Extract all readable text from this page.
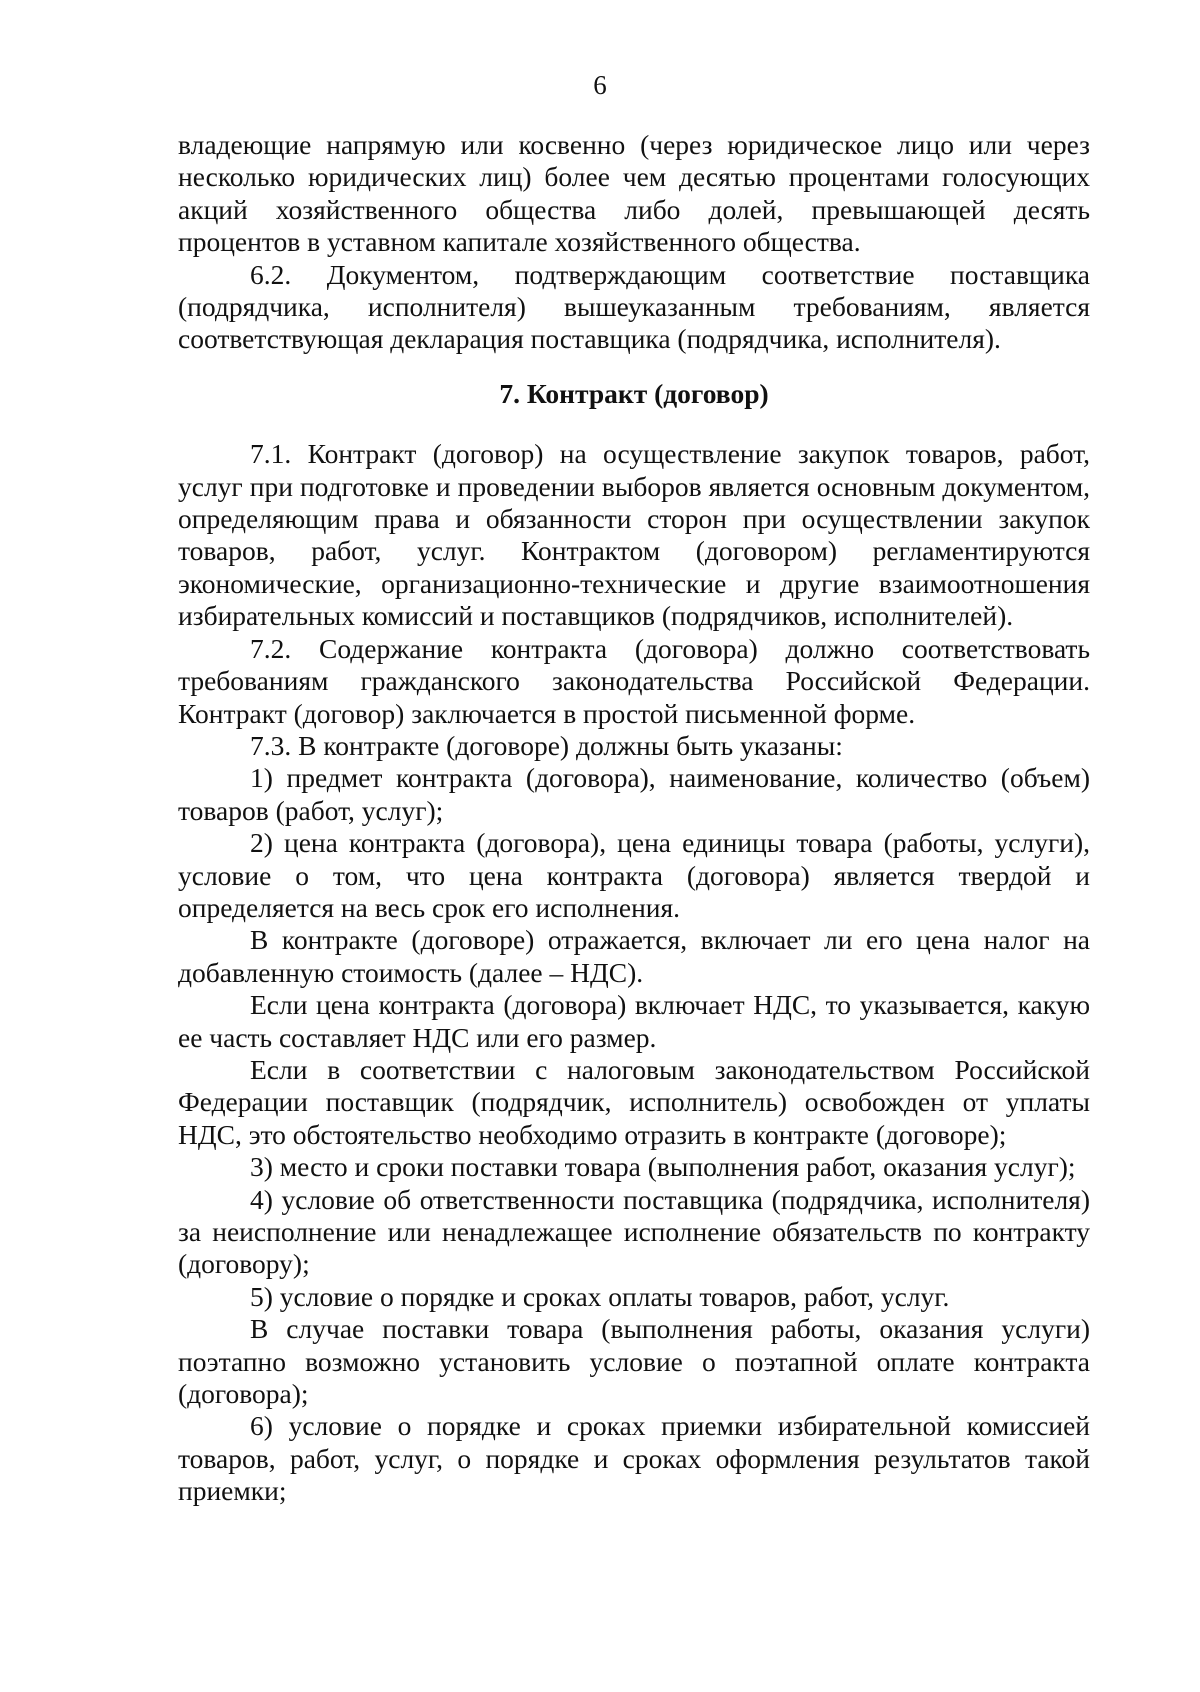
6

владеющие напрямую или косвенно (через юридическое лицо или через несколько юридических лиц) более чем десятью процентами голосующих акций хозяйственного общества либо долей, превышающей десять процентов в уставном капитале хозяйственного общества.

6.2. Документом, подтверждающим соответствие поставщика (подрядчика, исполнителя) вышеуказанным требованиям, является соответствующая декларация поставщика (подрядчика, исполнителя).

7. Контракт (договор)

7.1. Контракт (договор) на осуществление закупок товаров, работ, услуг при подготовке и проведении выборов является основным документом, определяющим права и обязанности сторон при осуществлении закупок товаров, работ, услуг. Контрактом (договором) регламентируются экономические, организационно-технические и другие взаимоотношения избирательных комиссий и поставщиков (подрядчиков, исполнителей).

7.2. Содержание контракта (договора) должно соответствовать требованиям гражданского законодательства Российской Федерации. Контракт (договор) заключается в простой письменной форме.

7.3. В контракте (договоре) должны быть указаны:

1) предмет контракта (договора), наименование, количество (объем) товаров (работ, услуг);

2) цена контракта (договора), цена единицы товара (работы, услуги), условие о том, что цена контракта (договора) является твердой и определяется на весь срок его исполнения.

В контракте (договоре) отражается, включает ли его цена налог на добавленную стоимость (далее – НДС).

Если цена контракта (договора) включает НДС, то указывается, какую ее часть составляет НДС или его размер.

Если в соответствии с налоговым законодательством Российской Федерации поставщик (подрядчик, исполнитель) освобожден от уплаты НДС, это обстоятельство необходимо отразить в контракте (договоре);

3) место и сроки поставки товара (выполнения работ, оказания услуг);

4) условие об ответственности поставщика (подрядчика, исполнителя) за неисполнение или ненадлежащее исполнение обязательств по контракту (договору);

5) условие о порядке и сроках оплаты товаров, работ, услуг.

В случае поставки товара (выполнения работы, оказания услуги) поэтапно возможно установить условие о поэтапной оплате контракта (договора);

6) условие о порядке и сроках приемки избирательной комиссией товаров, работ, услуг, о порядке и сроках оформления результатов такой приемки;
